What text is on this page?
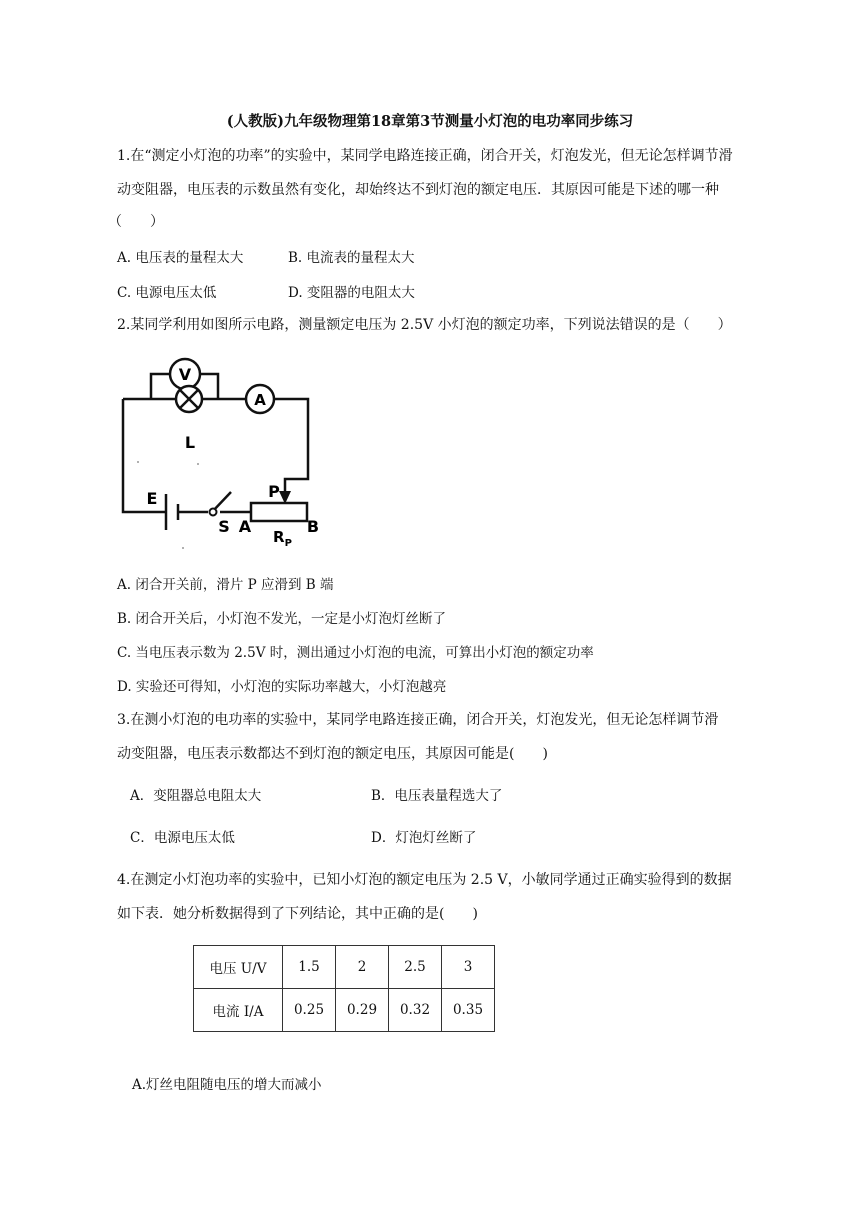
(人教版)九年级物理第18章第3节测量小灯泡的电功率同步练习
1.在“测定小灯泡的功率”的实验中，某同学电路连接正确，闭合开关，灯泡发光，但无论怎样调节滑
动变阻器，电压表的示数虽然有变化，却始终达不到灯泡的额定电压．其原因可能是下述的哪一种
（　　）
A. 电压表的量程太大	B. 电流表的量程太大
C. 电源电压太低	D. 变阻器的电阻太大
2.某同学利用如图所示电路，测量额定电压为 2.5V 小灯泡的额定功率，下列说法错误的是（　　）
V
L
A
E
S
P
A	B
$R_P$
A. 闭合开关前，滑片 P 应滑到 B 端
B. 闭合开关后，小灯泡不发光，一定是小灯泡灯丝断了
C. 当电压表示数为 2.5V 时，测出通过小灯泡的电流，可算出小灯泡的额定功率
D. 实验还可得知，小灯泡的实际功率越大，小灯泡越亮
3.在测小灯泡的电功率的实验中，某同学电路连接正确，闭合开关，灯泡发光，但无论怎样调节滑
动变阻器，电压表示数都达不到灯泡的额定电压，其原因可能是(　　)
A．变阻器总电阻太大	B．电压表量程选大了
C．电源电压太低	D．灯泡灯丝断了
4.在测定小灯泡功率的实验中，已知小灯泡的额定电压为 2.5 V，小敏同学通过正确实验得到的数据
如下表．她分析数据得到了下列结论，其中正确的是(　　)
电压 U/V	1.5	2	2.5	3
电流 I/A	0.25	0.29	0.32	0.35
A.灯丝电阻随电压的增大而减小
